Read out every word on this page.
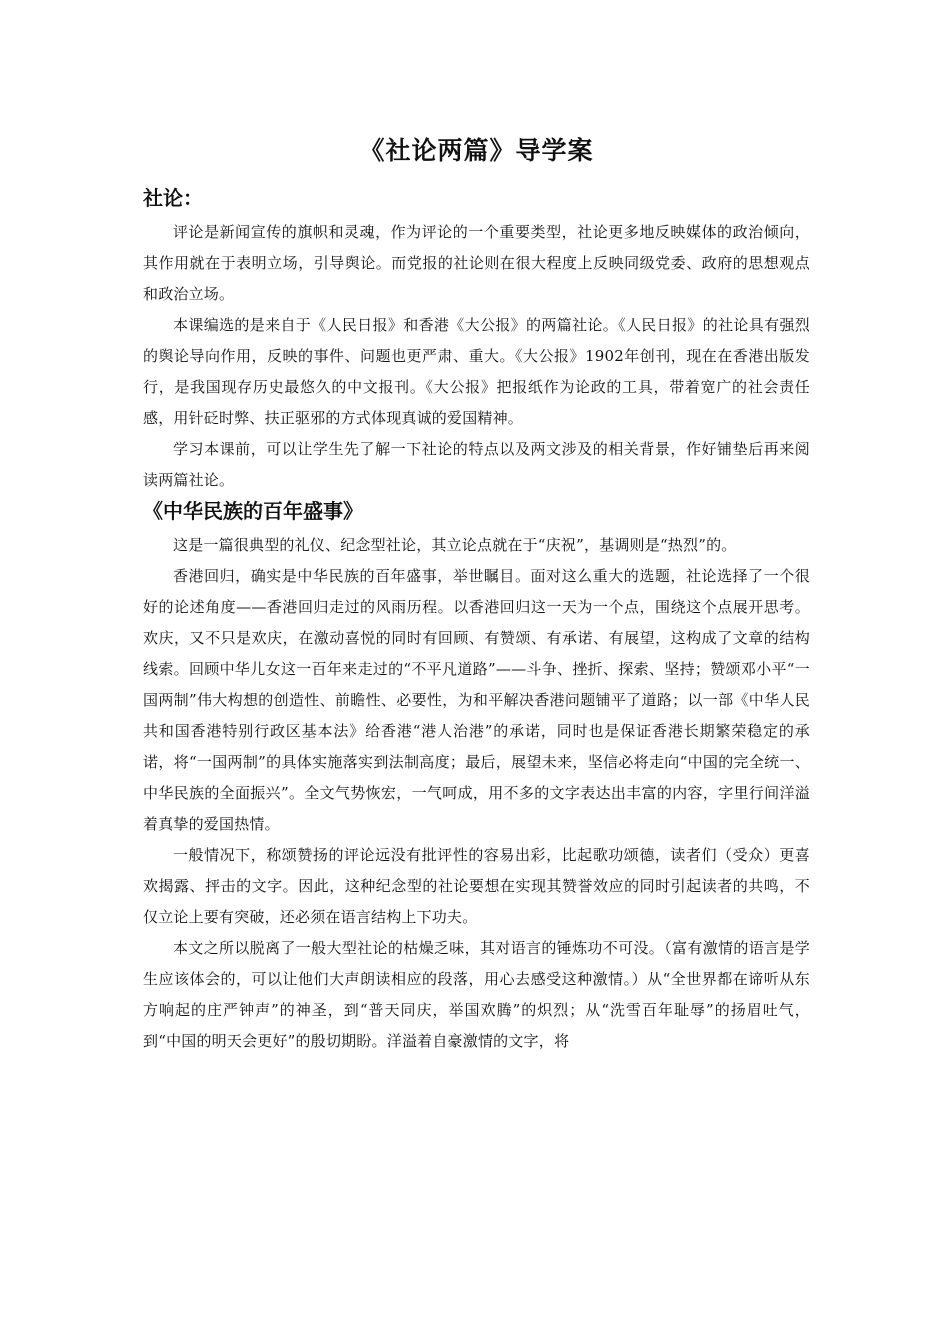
《社论两篇》导学案
社论：

评论是新闻宣传的旗帜和灵魂，作为评论的一个重要类型，社论更多地反映媒体的政治倾向，其作用就在于表明立场，引导舆论。而党报的社论则在很大程度上反映同级党委、政府的思想观点和政治立场。

本课编选的是来自于《人民日报》和香港《大公报》的两篇社论。《人民日报》的社论具有强烈的舆论导向作用，反映的事件、问题也更严肃、重大。《大公报》1902年创刊，现在在香港出版发行，是我国现存历史最悠久的中文报刊。《大公报》把报纸作为论政的工具，带着宽广的社会责任感，用针砭时弊、扶正驱邪的方式体现真诚的爱国精神。

学习本课前，可以让学生先了解一下社论的特点以及两文涉及的相关背景，作好铺垫后再来阅读两篇社论。

《中华民族的百年盛事》

这是一篇很典型的礼仪、纪念型社论，其立论点就在于“庆祝”，基调则是“热烈”的。

香港回归，确实是中华民族的百年盛事，举世瞩目。面对这么重大的选题，社论选择了一个很好的论述角度——香港回归走过的风雨历程。以香港回归这一天为一个点，围绕这个点展开思考。欢庆，又不只是欢庆，在激动喜悦的同时有回顾、有赞颂、有承诺、有展望，这构成了文章的结构线索。回顾中华儿女这一百年来走过的“不平凡道路”——斗争、挫折、探索、坚持；赞颂邓小平“一国两制”伟大构想的创造性、前瞻性、必要性，为和平解决香港问题铺平了道路；以一部《中华人民共和国香港特别行政区基本法》给香港“港人治港”的承诺，同时也是保证香港长期繁荣稳定的承诺，将“一国两制”的具体实施落实到法制高度；最后，展望未来，坚信必将走向“中国的完全统一、中华民族的全面振兴”。全文气势恢宏，一气呵成，用不多的文字表达出丰富的内容，字里行间洋溢着真挚的爱国热情。

一般情况下，称颂赞扬的评论远没有批评性的容易出彩，比起歌功颂德，读者们（受众）更喜欢揭露、抨击的文字。因此，这种纪念型的社论要想在实现其赞誉效应的同时引起读者的共鸣，不仅立论上要有突破，还必须在语言结构上下功夫。

本文之所以脱离了一般大型社论的枯燥乏味，其对语言的锤炼功不可没。（富有激情的语言是学生应该体会的，可以让他们大声朗读相应的段落，用心去感受这种激情。）从“全世界都在谛听从东方响起的庄严钟声”的神圣，到“普天同庆，举国欢腾”的炽烈；从“洗雪百年耻辱”的扬眉吐气，到“中国的明天会更好”的殷切期盼。洋溢着自豪激情的文字，将
